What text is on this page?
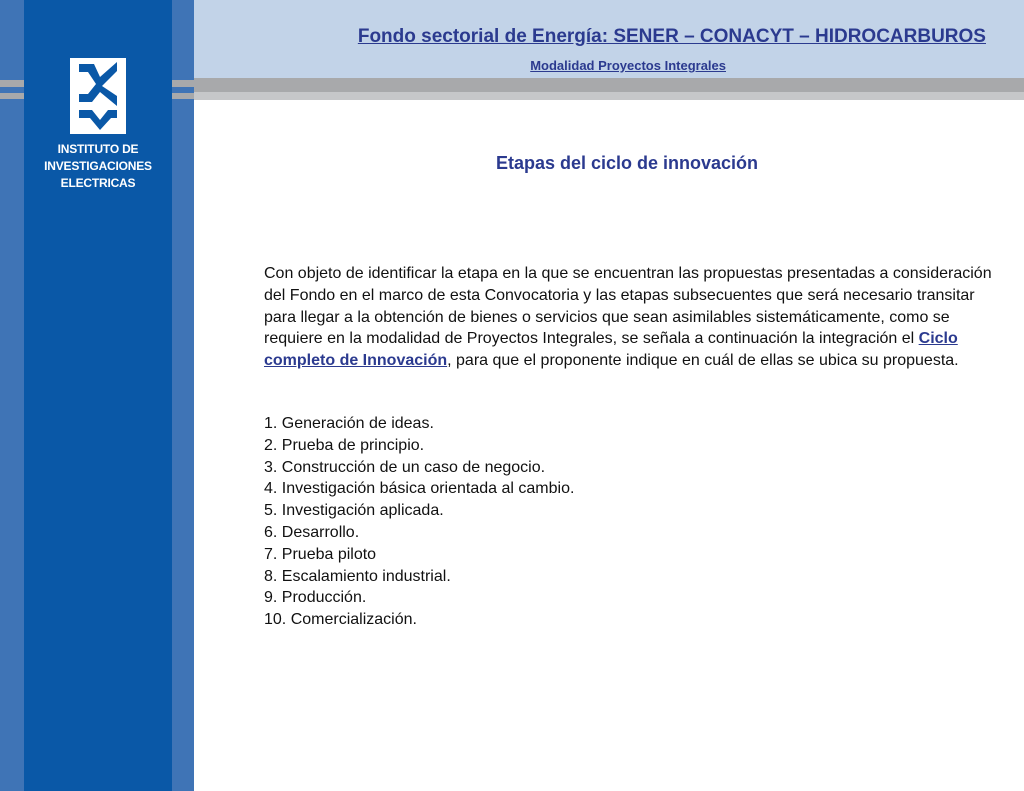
Fondo sectorial de Energía: SENER – CONACYT – HIDROCARBUROS
Modalidad Proyectos Integrales
INSTITUTO DE
INVESTIGACIONES
ELECTRICAS
Etapas del ciclo de innovación
Con objeto de identificar la etapa en la que se encuentran las propuestas presentadas a consideración del Fondo en el marco de esta Convocatoria y las etapas subsecuentes que será necesario transitar para llegar a la obtención de bienes o servicios que sean asimilables sistemáticamente, como se requiere en la modalidad de Proyectos Integrales, se señala a continuación la integración el Ciclo completo de Innovación, para que el proponente indique en cuál de ellas se ubica su propuesta.
1. Generación de ideas.
2. Prueba de principio.
3. Construcción de un caso de negocio.
4. Investigación básica orientada al cambio.
5. Investigación aplicada.
6. Desarrollo.
7. Prueba piloto
8. Escalamiento industrial.
9. Producción.
10. Comercialización.
